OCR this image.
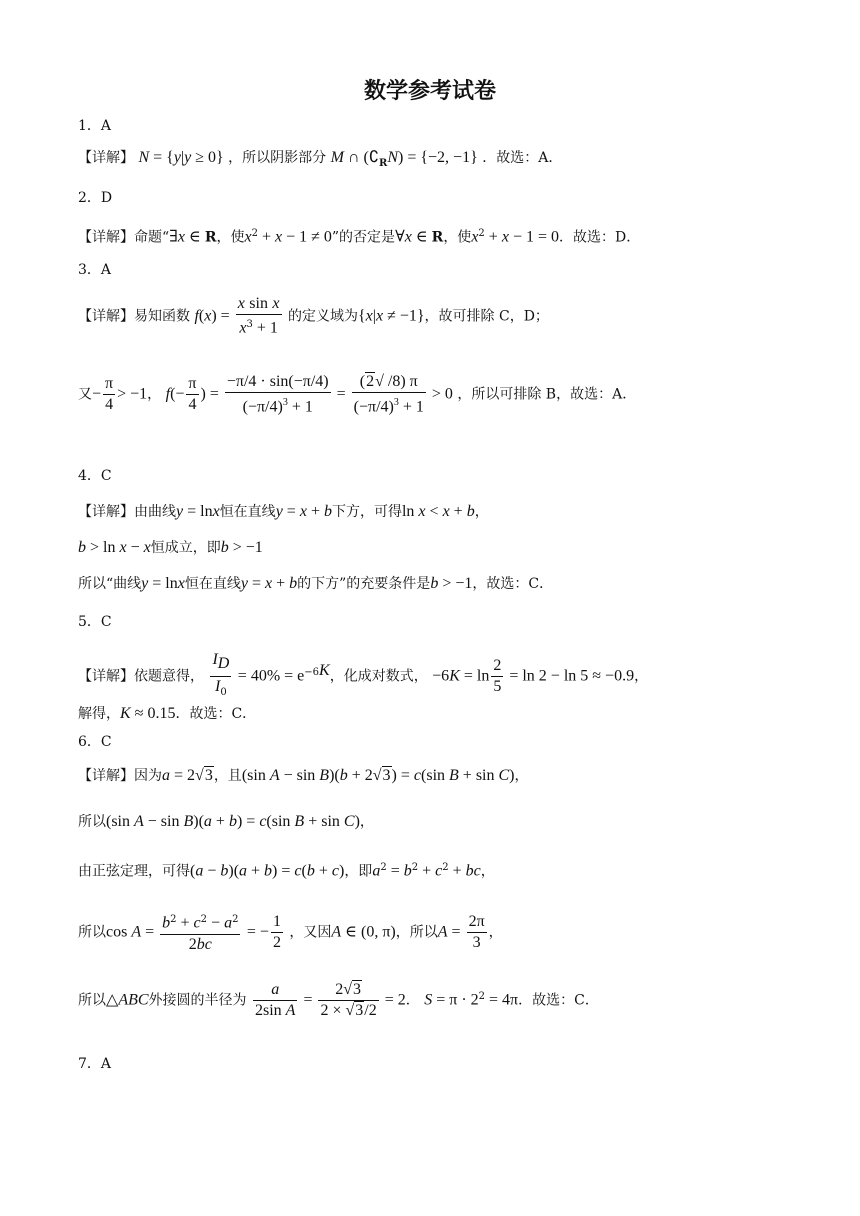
数学参考试卷
1．A
【详解】 N = {y|y ≥ 0} ，所以阴影部分 M ∩ $(∁_RN) = \{-2$, −1} ．故选：A．
2．D
【详解】命题“∃x ∈ R，使$x^2 + x - 1 \ne 0$”的否定是∀x ∈ R，使$x^2 + x - 1 = 0$．故选：D．
3．A
【详解】易知函数 $f(x) = \frac{\text{x sin x}}{x^3 + 1}$ 的定义域为{x|x ≠ −1}，故可排除 C，D；
又− $\frac{\pi}{4} > -1$， $f(- \frac{\pi}{4}$ ) = $\frac{-\pi/4 \cdot \sin(-\pi/4)}{(-\pi/4)^3 + 1} = \frac{(2√ /8) \pi}{(-\pi/4)^3 + 1} > 0$ ，所以可排除 B，故选：A．
4．C
【详解】由曲线y = lnx恒在直线y = x + b下方，可得ln x < x + b，
b > ln x − x恒成立，即b > −1
所以“曲线y = lnx恒在直线y = x + b的下方”的充要条件是b > −1，故选：C．
5．C
【详解】依题意得， $\frac{I_D}{I_0} = 40\% = e^{-6K}$，化成对数式， $-6K = \ln \frac{2}{5} = \ln 2 - \ln 5 \approx -0.9$，
解得，K ≈ 0.15．故选：C．
6．C
【详解】因为a = 2√3，且(sin A − sin B)(b + 2√3) = c(sin B + sin C)，
所以(sin A − sin B)(a + b) = c(sin B + sin C)，
由正弦定理，可得(a − b)(a + b) = c(b + c)，即$a^2 = b^2 + c^2$ + bc，
所以$\cos A = \frac{b^2 + c^2 - a^2}{2bc}$ = − $\frac{1}{2}$ ，又因A ∈ (0, π)，所以$A = \frac{2\pi}{3}$ ，
所以△ABC外接圆的半径为 $\frac{a}{\text{2sin A}} = \frac{2√3}{2 \times √3/2} = 2$． $S = \pi \cdot 2^2 = 4\pi$．故选：C．
7．A
